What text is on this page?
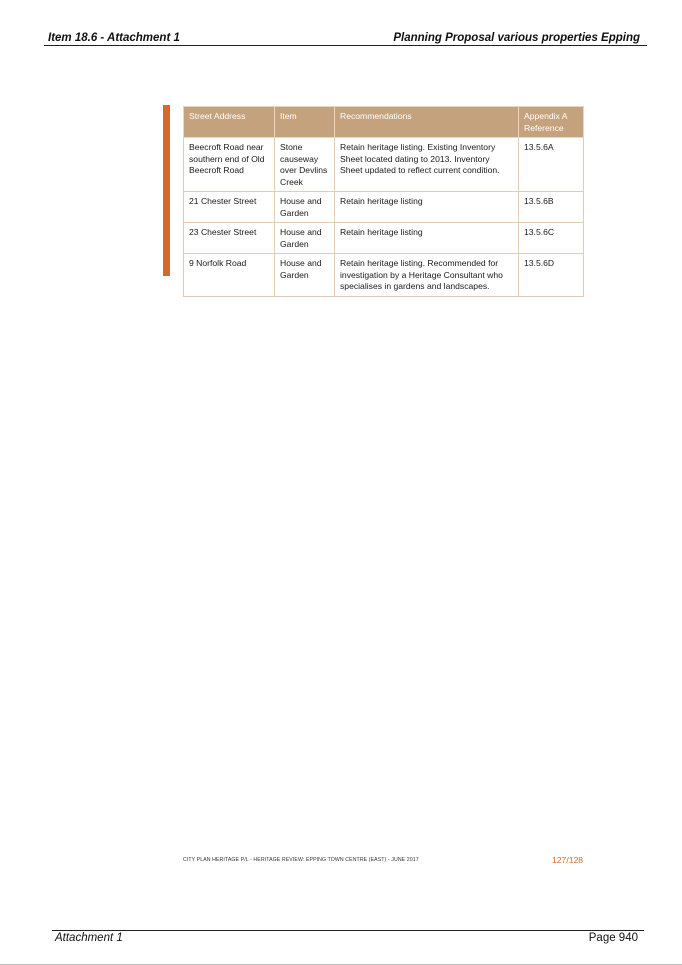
Item 18.6 - Attachment 1	Planning Proposal various properties Epping
Street Address	Item	Recommendations	Appendix A Reference
Beecroft Road near southern end of Old Beecroft Road	Stone causeway over Devlins Creek	Retain heritage listing. Existing Inventory Sheet located dating to 2013. Inventory Sheet updated to reflect current condition.	13.5.6A
21 Chester Street	House and Garden	Retain heritage listing	13.5.6B
23 Chester Street	House and Garden	Retain heritage listing	13.5.6C
9 Norfolk Road	House and Garden	Retain heritage listing. Recommended for investigation by a Heritage Consultant who specialises in gardens and landscapes.	13.5.6D
CITY PLAN HERITAGE P/L - HERITAGE REVIEW: EPPING TOWN CENTRE (EAST) - JUNE 2017	127/128
Attachment 1	Page 940
